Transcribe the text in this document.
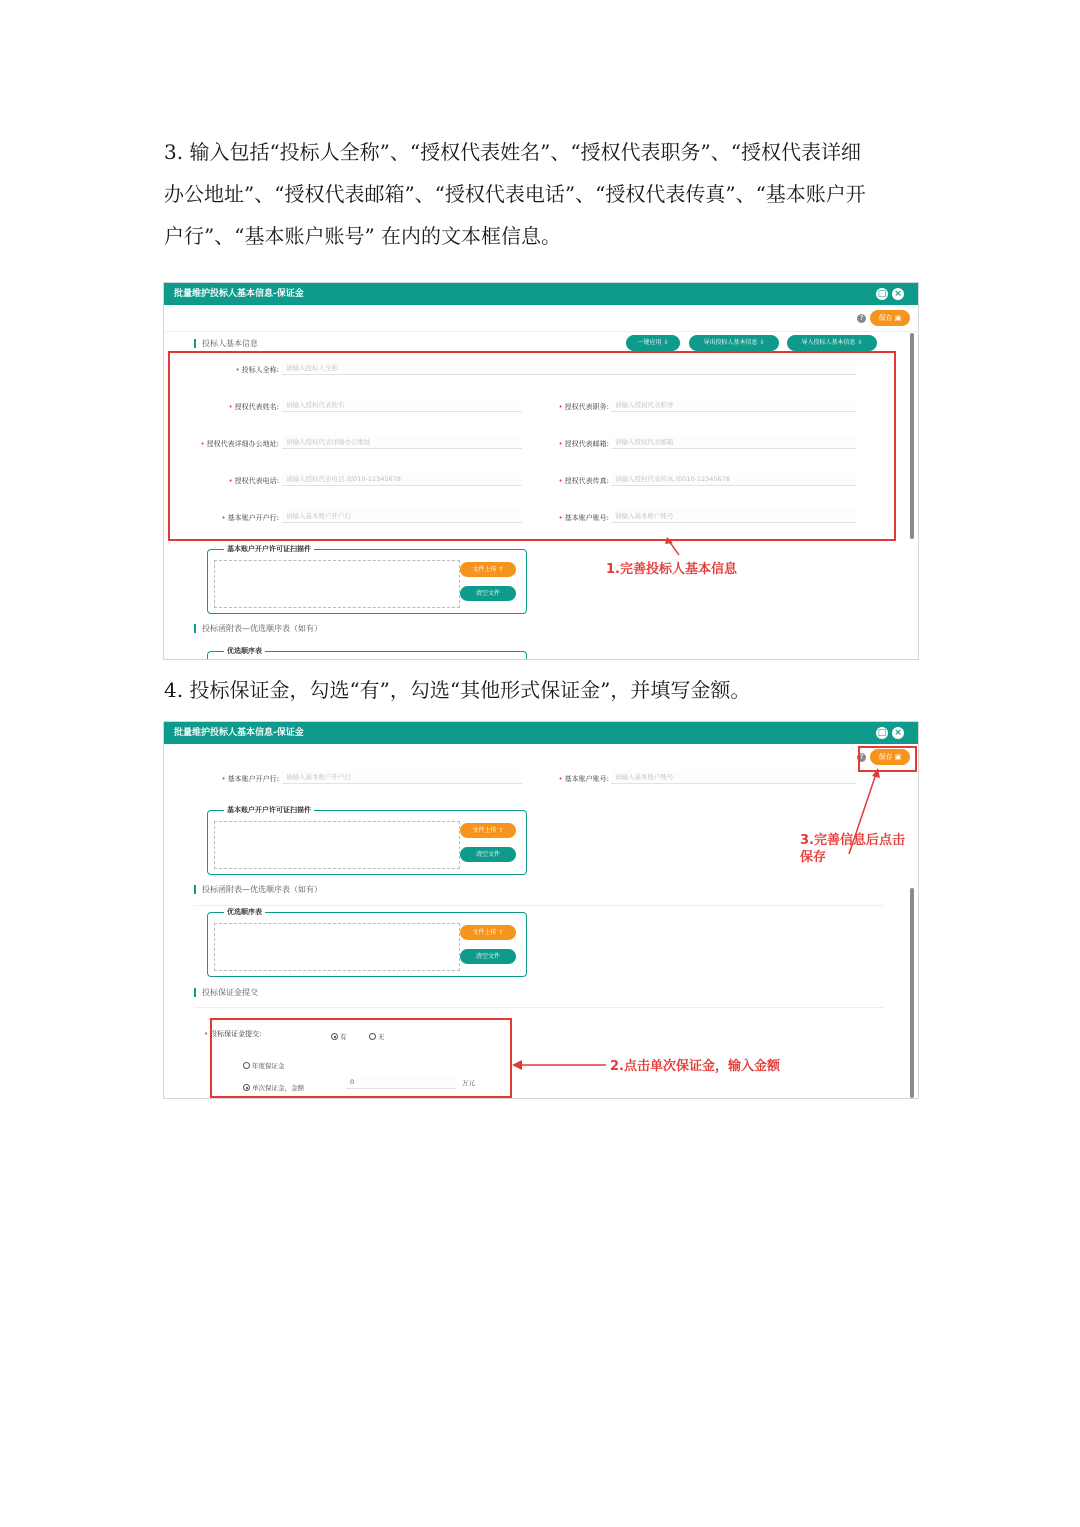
3. 输入包括“投标人全称”、“授权代表姓名”、“授权代表职务”、“授权代表详细
办公地址”、“授权代表邮箱”、“授权代表电话”、“授权代表传真”、“基本账户开
户行”、“基本账户账号” 在内的文本框信息。
批量维护投标人基本信息-保证金	□ ×
?	保存 ▣
投标人基本信息	一键应用 ⇩	导出投标人基本信息 ⇩	导入投标人基本信息 ⇩
• 投标人全称:	请输入投标人全称
• 授权代表姓名:	请输入授权代表姓名	• 授权代表职务: 请输入授权代表职务
• 授权代表详细办公地址:	请输入授权代表详细办公地址	• 授权代表邮箱: 请输入授权代表邮箱
• 授权代表电话:	请输入授权代表电话,如010-12345678	• 授权代表传真: 请输入授权代表传真,如010-12345678
• 基本账户开户行:	请输入基本账户开户行	• 基本账户账号: 请输入基本账户账号
基本账户开户许可证扫描件
文件上传 ⇧
清空文件
1.完善投标人基本信息
投标函附表—优选顺序表（如有）
优选顺序表
4. 投标保证金，勾选“有”，勾选“其他形式保证金”，并填写金额。
批量维护投标人基本信息-保证金	□ ×
?	保存 ▣
• 基本账户开户行:	请输入基本账户开户行	• 基本账户账号: 请输入基本账户账号
基本账户开户许可证扫描件
文件上传 ⇧
清空文件
3.完善信息后点击保存
投标函附表—优选顺序表（如有）
优选顺序表
文件上传 ⇧
清空文件
投标保证金提交
• 投标保证金提交:	有	无
年度保证金
单次保证金，金额
0	万元
2.点击单次保证金，输入金额
